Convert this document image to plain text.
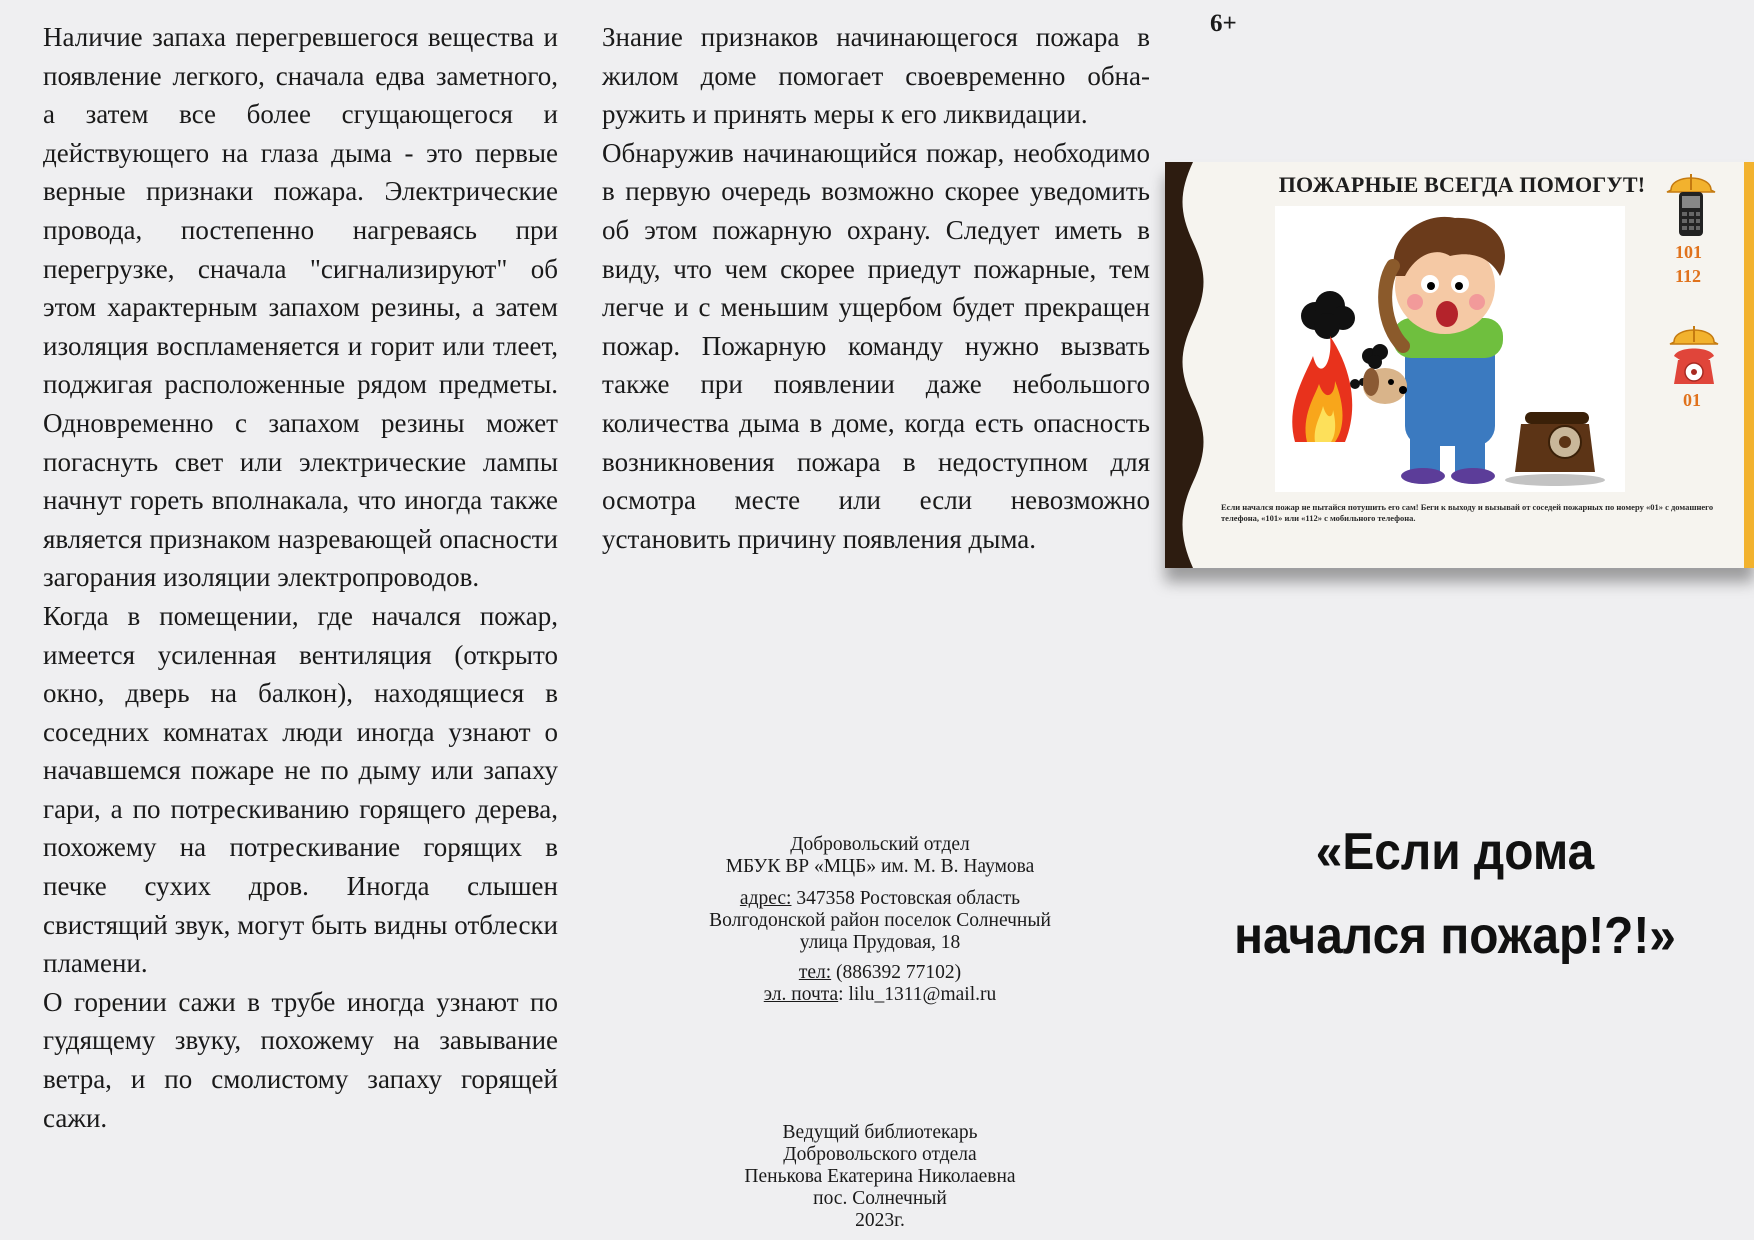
Наличие запаха перегревшегося вещества и появление легкого, сначала едва заметного, а затем все более сгущающегося и действующего на глаза дыма - это первые верные признаки пожара. Электрические провода, постепенно нагреваясь при перегрузке, сначала "сигнализируют" об этом характерным запахом резины, а затем изоляция воспламеняется и горит или тлеет, поджигая расположенные рядом предметы. Одновременно с запахом резины может погаснуть свет или электрические лампы начнут гореть вполнакала, что иногда также является признаком назревающей опасности загорания изоляции электропроводов.

Когда в помещении, где начался пожар, имеется усиленная вентиляция (открыто окно, дверь на балкон), находящиеся в соседних комнатах люди иногда узнают о начавшемся пожаре не по дыму или запаху гари, а по потрескиванию горящего дерева, похожему на потрескивание горящих в печке сухих дров. Иногда слышен свистящий звук, могут быть видны отблески пламени.

О горении сажи в трубе иногда узнают по гудящему звуку, похожему на завывание ветра, и по смолистому запаху горящей сажи.

Знание признаков начинающегося пожара в жилом доме помогает своевременно обнаружить и принять меры к его ликвидации.

Обнаружив начинающийся пожар, необходимо в первую очередь возможно скорее уведомить об этом пожарную охрану. Следует иметь в виду, что чем скорее приедут пожарные, тем легче и с меньшим ущербом будет прекращен пожар. Пожарную команду нужно вызвать также при появлении даже небольшого количества дыма в доме, когда есть опасность возникновения пожара в недоступном для осмотра месте или если невозможно установить причину появления дыма.

6+
ПОЖАРНЫЕ ВСЕГДА ПОМОГУТ!
101
112
01
Если начался пожар не пытайся потушить его сам! Беги к выходу и вызывай от соседей пожарных по номеру «01» с домашнего телефона, «101» или «112» с мобильного телефона.
Добровольский отдел
МБУК ВР «МЦБ» им. М. В. Наумова
адрес: 347358 Ростовская область
Волгодонской район поселок Солнечный
улица Прудовая, 18
тел: (886392 77102)
эл. почта: lilu_1311@mail.ru
Ведущий библиотекарь
Добровольского отдела
Пенькова Екатерина Николаевна
пос. Солнечный
2023г.
«Если дома
начался пожар!?!»
